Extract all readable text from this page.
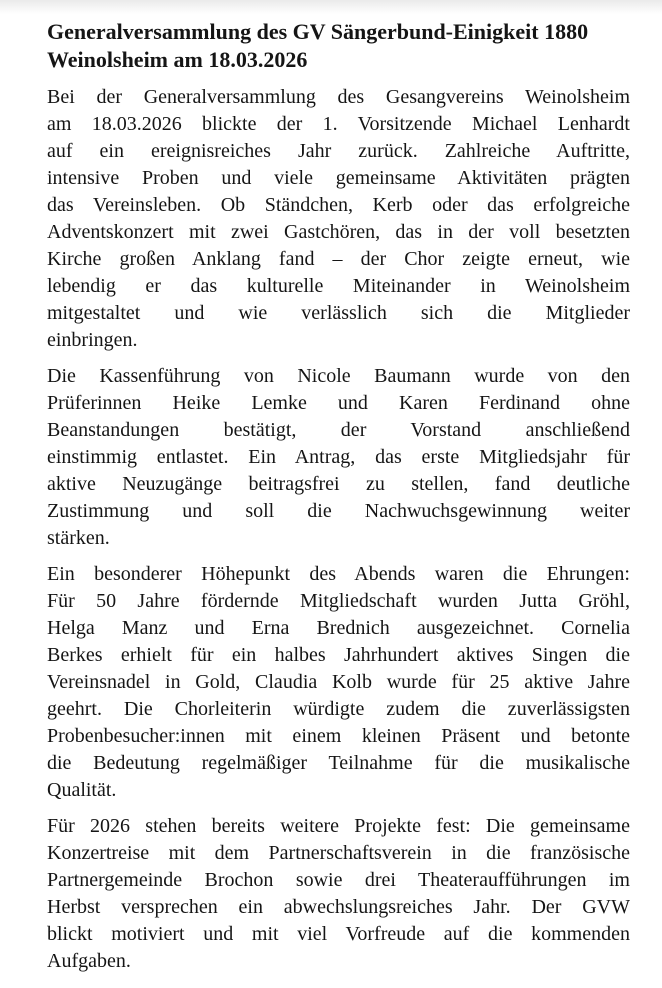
Generalversammlung des GV Sängerbund-Einigkeit 1880
Weinolsheim am 18.03.2026
Bei der Generalversammlung des Gesangvereins Weinolsheim
am 18.03.2026 blickte der 1. Vorsitzende Michael Lenhardt
auf ein ereignisreiches Jahr zurück. Zahlreiche Auftritte,
intensive Proben und viele gemeinsame Aktivitäten prägten
das Vereinsleben. Ob Ständchen, Kerb oder das erfolgreiche
Adventskonzert mit zwei Gastchören, das in der voll besetzten
Kirche großen Anklang fand – der Chor zeigte erneut, wie
lebendig er das kulturelle Miteinander in Weinolsheim
mitgestaltet und wie verlässlich sich die Mitglieder
einbringen.
Die Kassenführung von Nicole Baumann wurde von den
Prüferinnen Heike Lemke und Karen Ferdinand ohne
Beanstandungen bestätigt, der Vorstand anschließend
einstimmig entlastet. Ein Antrag, das erste Mitgliedsjahr für
aktive Neuzugänge beitragsfrei zu stellen, fand deutliche
Zustimmung und soll die Nachwuchsgewinnung weiter
stärken.
Ein besonderer Höhepunkt des Abends waren die Ehrungen:
Für 50 Jahre fördernde Mitgliedschaft wurden Jutta Gröhl,
Helga Manz und Erna Brednich ausgezeichnet. Cornelia
Berkes erhielt für ein halbes Jahrhundert aktives Singen die
Vereinsnadel in Gold, Claudia Kolb wurde für 25 aktive Jahre
geehrt. Die Chorleiterin würdigte zudem die zuverlässigsten
Probenbesucher:innen mit einem kleinen Präsent und betonte
die Bedeutung regelmäßiger Teilnahme für die musikalische
Qualität.
Für 2026 stehen bereits weitere Projekte fest: Die gemeinsame
Konzertreise mit dem Partnerschaftsverein in die französische
Partnergemeinde Brochon sowie drei Theateraufführungen im
Herbst versprechen ein abwechslungsreiches Jahr. Der GVW
blickt motiviert und mit viel Vorfreude auf die kommenden
Aufgaben.
